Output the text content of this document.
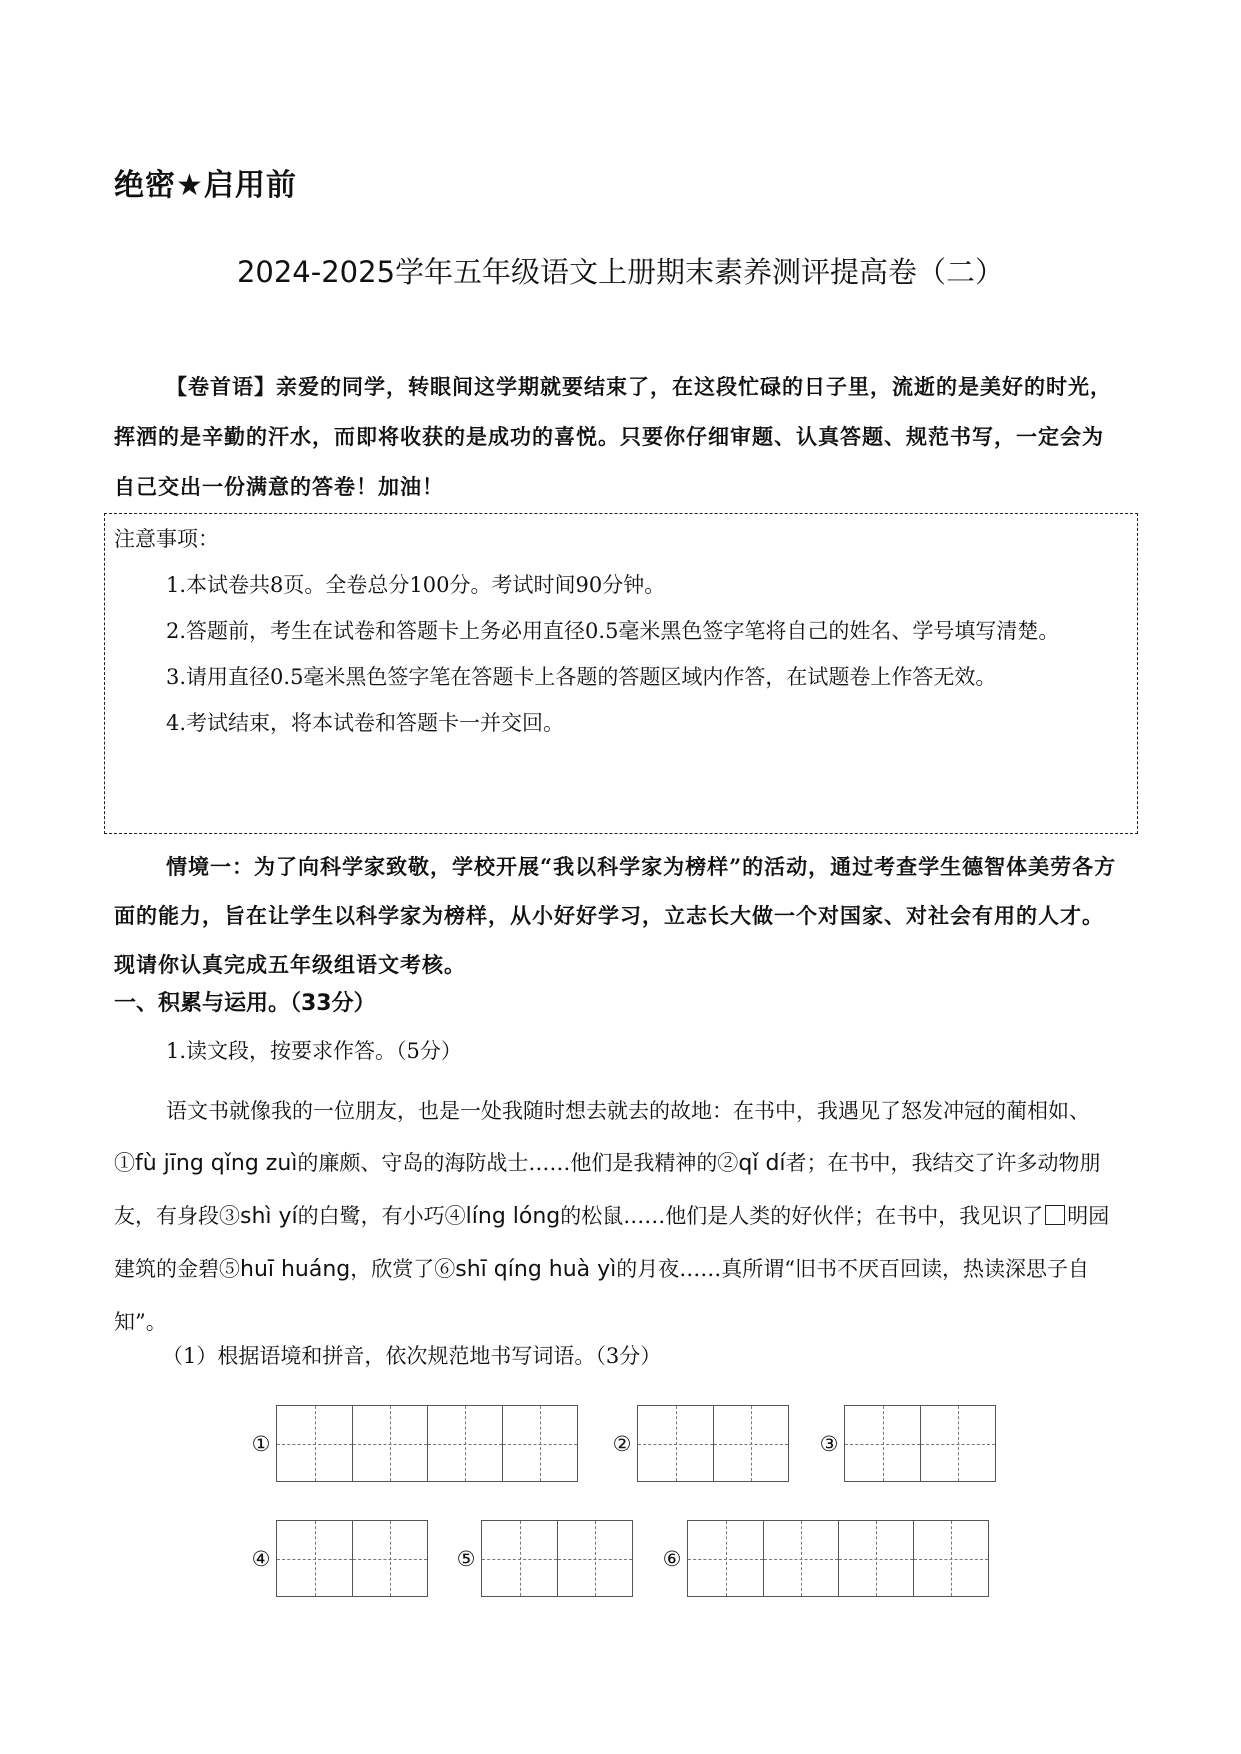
绝密★启用前
2024-2025学年五年级语文上册期末素养测评提高卷（二）
【卷首语】亲爱的同学，转眼间这学期就要结束了，在这段忙碌的日子里，流逝的是美好的时光，挥洒的是辛勤的汗水，而即将收获的是成功的喜悦。只要你仔细审题、认真答题、规范书写，一定会为自己交出一份满意的答卷！加油！
注意事项：

1.本试卷共8页。全卷总分100分。考试时间90分钟。

2.答题前，考生在试卷和答题卡上务必用直径0.5毫米黑色签字笔将自己的姓名、学号填写清楚。

3.请用直径0.5毫米黑色签字笔在答题卡上各题的答题区域内作答，在试题卷上作答无效。

4.考试结束，将本试卷和答题卡一并交回。

情境一：为了向科学家致敬，学校开展“我以科学家为榜样”的活动，通过考查学生德智体美劳各方面的能力，旨在让学生以科学家为榜样，从小好好学习，立志长大做一个对国家、对社会有用的人才。现请你认真完成五年级组语文考核。
一、积累与运用。（33分）
1.读文段，按要求作答。（5分）
语文书就像我的一位朋友，也是一处我随时想去就去的故地：在书中，我遇见了怒发冲冠的蔺相如、①fù jīng qǐng zuì的廉颇、守岛的海防战士……他们是我精神的②qǐ dí者；在书中，我结交了许多动物朋友，有身段③shì yí的白鹭，有小巧④líng lóng的松鼠……他们是人类的好伙伴；在书中，我见识了 明园建筑的金碧⑤huī huáng，欣赏了⑥shī qíng huà yì的月夜……真所谓“旧书不厌百回读，热读深思子自知”。
（1）根据语境和拼音，依次规范地书写词语。（3分）
①	②	③
④	⑤	⑥
